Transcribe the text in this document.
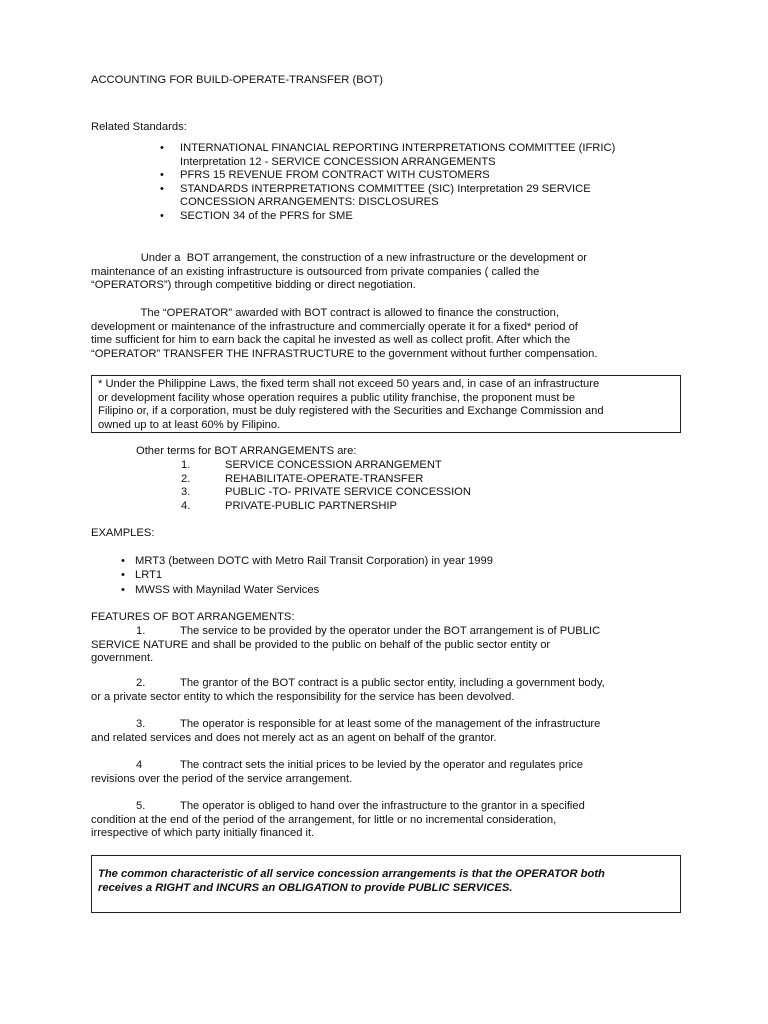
ACCOUNTING FOR BUILD-OPERATE-TRANSFER (BOT)
Related Standards:
• INTERNATIONAL FINANCIAL REPORTING INTERPRETATIONS COMMITTEE (IFRIC)
Interpretation 12 - SERVICE CONCESSION ARRANGEMENTS
• PFRS 15 REVENUE FROM CONTRACT WITH CUSTOMERS
• STANDARDS INTERPRETATIONS COMMITTEE (SIC) Interpretation 29 SERVICE
CONCESSION ARRANGEMENTS: DISCLOSURES
• SECTION 34 of the PFRS for SME
Under a  BOT arrangement, the construction of a new infrastructure or the development or
maintenance of an existing infrastructure is outsourced from private companies ( called the
“OPERATORS”) through competitive bidding or direct negotiation.
The “OPERATOR” awarded with BOT contract is allowed to finance the construction,
development or maintenance of the infrastructure and commercially operate it for a fixed* period of
time sufficient for him to earn back the capital he invested as well as collect profit. After which the
“OPERATOR” TRANSFER THE INFRASTRUCTURE to the government without further compensation.
* Under the Philippine Laws, the fixed term shall not exceed 50 years and, in case of an infrastructure
or development facility whose operation requires a public utility franchise, the proponent must be
Filipino or, if a corporation, must be duly registered with the Securities and Exchange Commission and
owned up to at least 60% by Filipino.
Other terms for BOT ARRANGEMENTS are:
1.	SERVICE CONCESSION ARRANGEMENT
2.	REHABILITATE-OPERATE-TRANSFER
3.	PUBLIC -TO- PRIVATE SERVICE CONCESSION
4.	PRIVATE-PUBLIC PARTNERSHIP
EXAMPLES:
• MRT3 (between DOTC with Metro Rail Transit Corporation) in year 1999
• LRT1
• MWSS with Maynilad Water Services
FEATURES OF BOT ARRANGEMENTS:
1.	The service to be provided by the operator under the BOT arrangement is of PUBLIC
SERVICE NATURE and shall be provided to the public on behalf of the public sector entity or
government.
2.	The grantor of the BOT contract is a public sector entity, including a government body,
or a private sector entity to which the responsibility for the service has been devolved.
3.	The operator is responsible for at least some of the management of the infrastructure
and related services and does not merely act as an agent on behalf of the grantor.
4	The contract sets the initial prices to be levied by the operator and regulates price
revisions over the period of the service arrangement.
5.	The operator is obliged to hand over the infrastructure to the grantor in a specified
condition at the end of the period of the arrangement, for little or no incremental consideration,
irrespective of which party initially financed it.
The common characteristic of all service concession arrangements is that the OPERATOR both
receives a RIGHT and INCURS an OBLIGATION to provide PUBLIC SERVICES.
